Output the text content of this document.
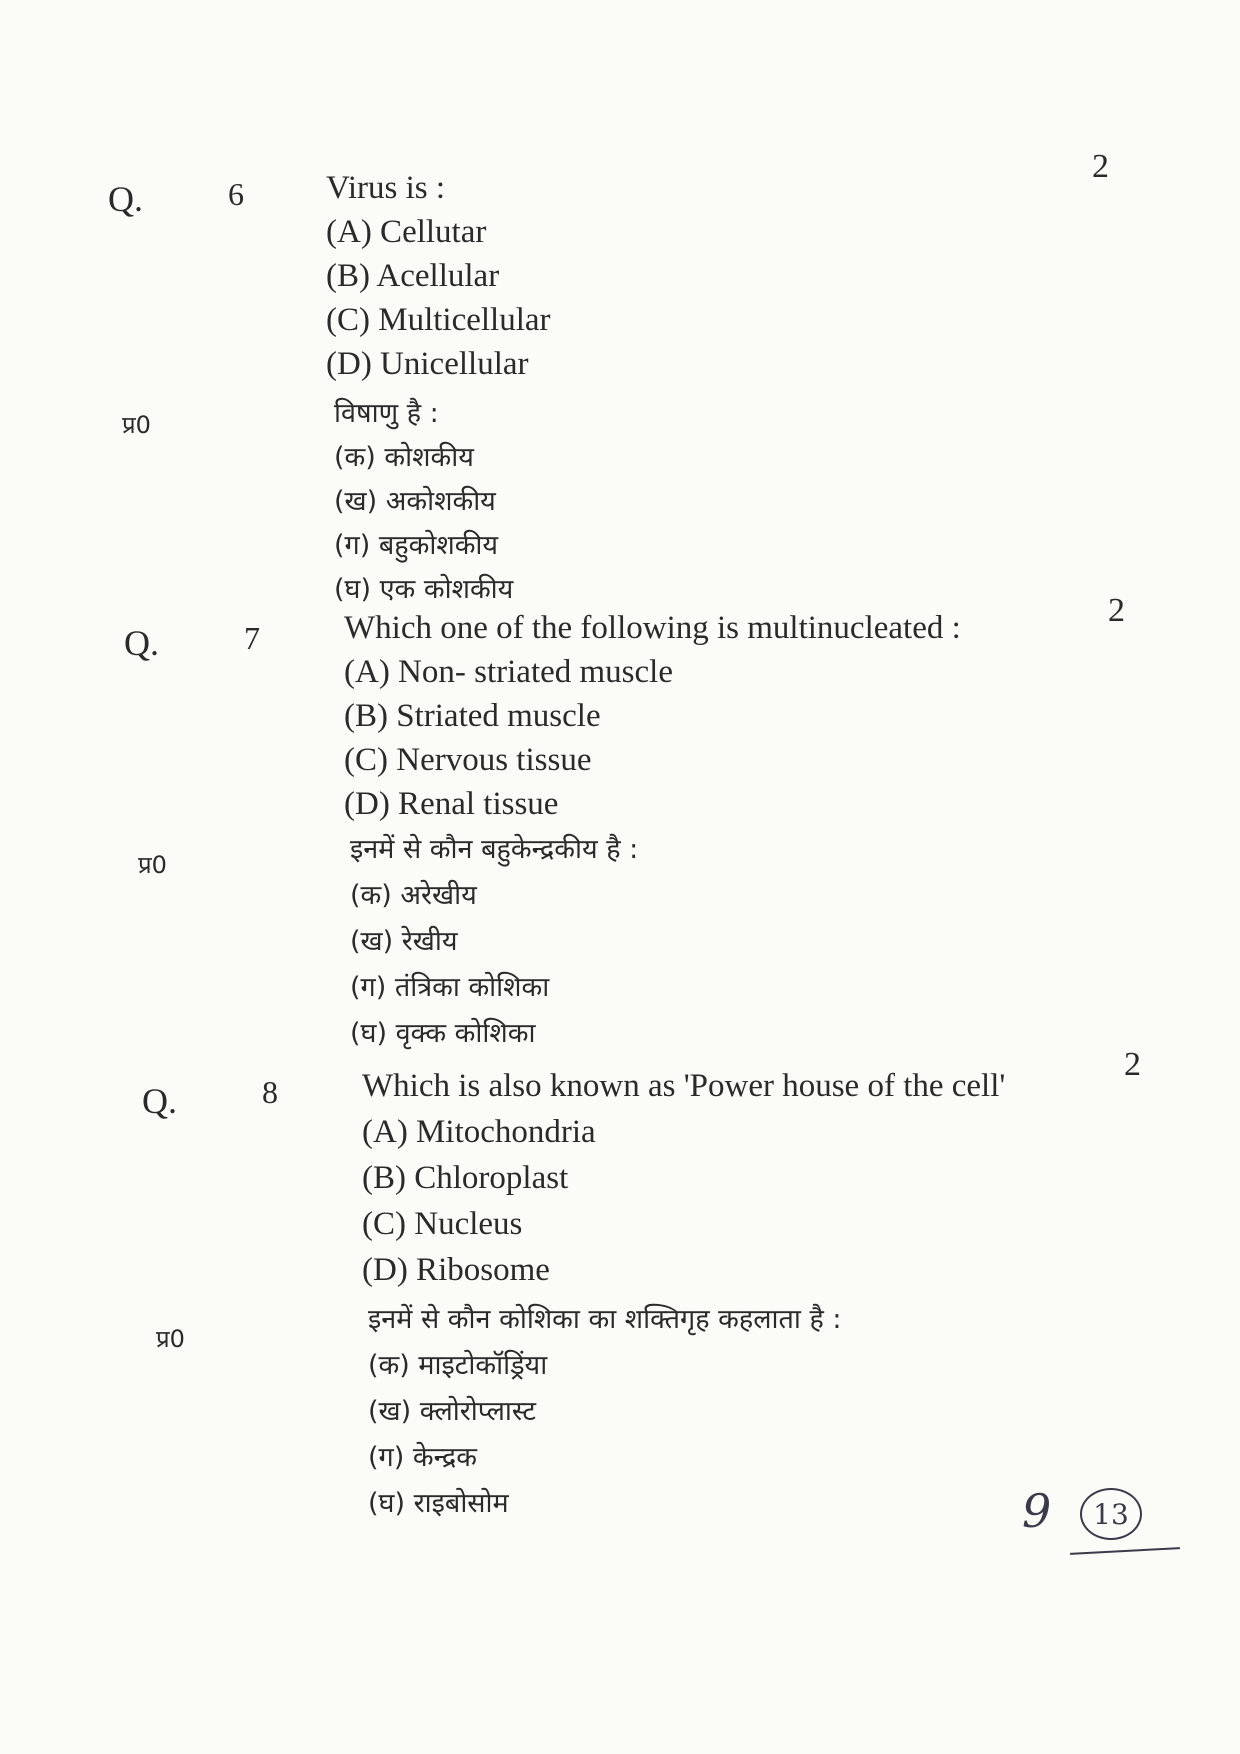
Q.	6
2
Virus is :
(A) Cellutar
(B) Acellular
(C) Multicellular
(D) Unicellular
प्र0	विषाणु है :
(क) कोशकीय
(ख) अकोशकीय
(ग) बहुकोशकीय
(घ) एक कोशकीय
Q.	7
2
Which one of the following is multinucleated :
(A) Non- striated muscle
(B) Striated muscle
(C) Nervous tissue
(D) Renal tissue
प्र0	इनमें से कौन बहुकेन्द्रकीय है :
(क) अरेखीय
(ख) रेखीय
(ग) तंत्रिका कोशिका
(घ) वृक्क कोशिका
Q.	8
2
Which is also known as 'Power house of the cell'
(A) Mitochondria
(B) Chloroplast
(C) Nucleus
(D) Ribosome
प्र0
इनमें से कौन कोशिका का शक्तिगृह कहलाता है :
(क) माइटोकॉड्रिंया
(ख) क्लोरोप्लास्ट
(ग) केन्द्रक
(घ) राइबोसोम	9 13
